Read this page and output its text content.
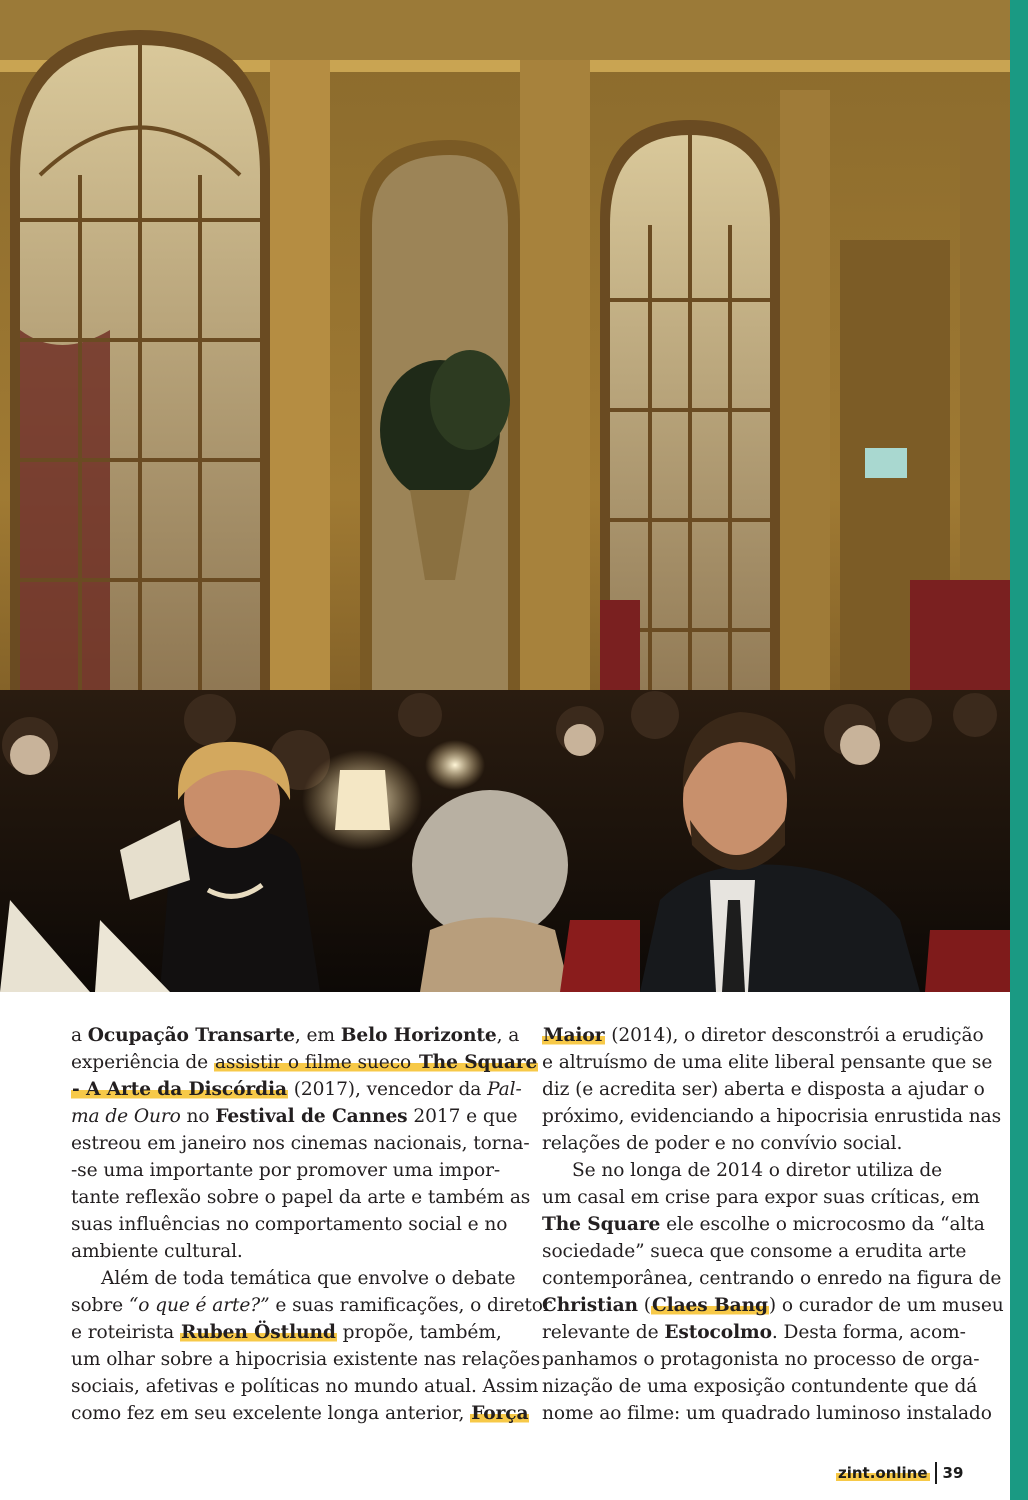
a Ocupação Transarte, em Belo Horizonte, a
experiência de assistir o filme sueco The Square
- A Arte da Discórdia (2017), vencedor da Pal-
ma de Ouro no Festival de Cannes 2017 e que
estreou em janeiro nos cinemas nacionais, torna-
-se uma importante por promover uma impor-
tante reflexão sobre o papel da arte e também as
suas influências no comportamento social e no
ambiente cultural.

Além de toda temática que envolve o debate
sobre “o que é arte?” e suas ramificações, o diretor
e roteirista Ruben Östlund propõe, também,
um olhar sobre a hipocrisia existente nas relações
sociais, afetivas e políticas no mundo atual. Assim
como fez em seu excelente longa anterior, Força

Maior (2014), o diretor desconstrói a erudição
e altruísmo de uma elite liberal pensante que se
diz (e acredita ser) aberta e disposta a ajudar o
próximo, evidenciando a hipocrisia enrustida nas
relações de poder e no convívio social.

Se no longa de 2014 o diretor utiliza de
um casal em crise para expor suas críticas, em
The Square ele escolhe o microcosmo da “alta
sociedade” sueca que consome a erudita arte
contemporânea, centrando o enredo na figura de
Christian (Claes Bang) o curador de um museu
relevante de Estocolmo. Desta forma, acom-
panhamos o protagonista no processo de orga-
nização de uma exposição contundente que dá
nome ao filme: um quadrado luminoso instalado

zint.online 39
